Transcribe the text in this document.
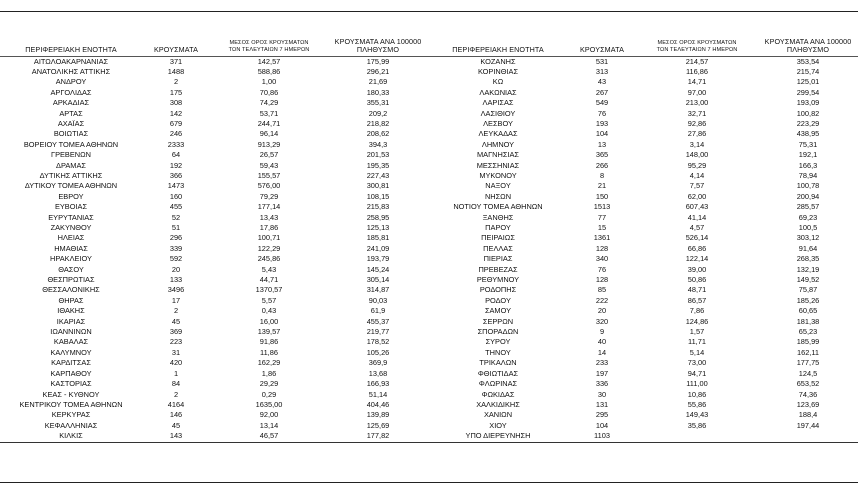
ΠΕΡΙΦΕΡΕΙΑΚΗ ΕΝΟΤΗΤΑ	ΚΡΟΥΣΜΑΤΑ	ΜΕΣΟΣ ΟΡΟΣ ΚΡΟΥΣΜΑΤΩΝ
ΤΩΝ ΤΕΛΕΥΤΑΙΩΝ 7 ΗΜΕΡΩΝ	ΚΡΟΥΣΜΑΤΑ ΑΝΑ 100000
ΠΛΗΘΥΣΜΟ	ΠΕΡΙΦΕΡΕΙΑΚΗ ΕΝΟΤΗΤΑ	ΚΡΟΥΣΜΑΤΑ	ΜΕΣΟΣ ΟΡΟΣ ΚΡΟΥΣΜΑΤΩΝ
ΤΩΝ ΤΕΛΕΥΤΑΙΩΝ 7 ΗΜΕΡΩΝ	ΚΡΟΥΣΜΑΤΑ ΑΝΑ 100000
ΠΛΗΘΥΣΜΟ
ΑΙΤΩΛΟΑΚΑΡΝΑΝΙΑΣ	371	142,57	175,99	ΚΟΖΑΝΗΣ	531	214,57	353,54
ΑΝΑΤΟΛΙΚΗΣ ΑΤΤΙΚΗΣ	1488	588,86	296,21	ΚΟΡΙΝΘΙΑΣ	313	116,86	215,74
ΑΝΔΡΟΥ	2	1,00	21,69	ΚΩ	43	14,71	125,01
ΑΡΓΟΛΙΔΑΣ	175	70,86	180,33	ΛΑΚΩΝΙΑΣ	267	97,00	299,54
ΑΡΚΑΔΙΑΣ	308	74,29	355,31	ΛΑΡΙΣΑΣ	549	213,00	193,09
ΑΡΤΑΣ	142	53,71	209,2	ΛΑΣΙΘΙΟΥ	76	32,71	100,82
ΑΧΑΪΑΣ	679	244,71	218,82	ΛΕΣΒΟΥ	193	92,86	223,29
ΒΟΙΩΤΙΑΣ	246	96,14	208,62	ΛΕΥΚΑΔΑΣ	104	27,86	438,95
ΒΟΡΕΙΟΥ ΤΟΜΕΑ ΑΘΗΝΩΝ	2333	913,29	394,3	ΛΗΜΝΟΥ	13	3,14	75,31
ΓΡΕΒΕΝΩΝ	64	26,57	201,53	ΜΑΓΝΗΣΙΑΣ	365	148,00	192,1
ΔΡΑΜΑΣ	192	59,43	195,35	ΜΕΣΣΗΝΙΑΣ	266	95,29	166,3
ΔΥΤΙΚΗΣ ΑΤΤΙΚΗΣ	366	155,57	227,43	ΜΥΚΟΝΟΥ	8	4,14	78,94
ΔΥΤΙΚΟΥ ΤΟΜΕΑ ΑΘΗΝΩΝ	1473	576,00	300,81	ΝΑΞΟΥ	21	7,57	100,78
ΕΒΡΟΥ	160	79,29	108,15	ΝΗΣΩΝ	150	62,00	200,94
ΕΥΒΟΙΑΣ	455	177,14	215,83	ΝΟΤΙΟΥ ΤΟΜΕΑ ΑΘΗΝΩΝ	1513	607,43	285,57
ΕΥΡΥΤΑΝΙΑΣ	52	13,43	258,95	ΞΑΝΘΗΣ	77	41,14	69,23
ΖΑΚΥΝΘΟΥ	51	17,86	125,13	ΠΑΡΟΥ	15	4,57	100,5
ΗΛΕΙΑΣ	296	100,71	185,81	ΠΕΙΡΑΙΩΣ	1361	526,14	303,12
ΗΜΑΘΙΑΣ	339	122,29	241,09	ΠΕΛΛΑΣ	128	66,86	91,64
ΗΡΑΚΛΕΙΟΥ	592	245,86	193,79	ΠΙΕΡΙΑΣ	340	122,14	268,35
ΘΑΣΟΥ	20	5,43	145,24	ΠΡΕΒΕΖΑΣ	76	39,00	132,19
ΘΕΣΠΡΩΤΙΑΣ	133	44,71	305,14	ΡΕΘΥΜΝΟΥ	128	50,86	149,52
ΘΕΣΣΑΛΟΝΙΚΗΣ	3496	1370,57	314,87	ΡΟΔΟΠΗΣ	85	48,71	75,87
ΘΗΡΑΣ	17	5,57	90,03	ΡΟΔΟΥ	222	86,57	185,26
ΙΘΑΚΗΣ	2	0,43	61,9	ΣΑΜΟΥ	20	7,86	60,65
ΙΚΑΡΙΑΣ	45	16,00	455,37	ΣΕΡΡΩΝ	320	124,86	181,38
ΙΩΑΝΝΙΝΩΝ	369	139,57	219,77	ΣΠΟΡΑΔΩΝ	9	1,57	65,23
ΚΑΒΑΛΑΣ	223	91,86	178,52	ΣΥΡΟΥ	40	11,71	185,99
ΚΑΛΥΜΝΟΥ	31	11,86	105,26	ΤΗΝΟΥ	14	5,14	162,11
ΚΑΡΔΙΤΣΑΣ	420	162,29	369,9	ΤΡΙΚΑΛΩΝ	233	73,00	177,75
ΚΑΡΠΑΘΟΥ	1	1,86	13,68	ΦΘΙΩΤΙΔΑΣ	197	94,71	124,5
ΚΑΣΤΟΡΙΑΣ	84	29,29	166,93	ΦΛΩΡΙΝΑΣ	336	111,00	653,52
ΚΕΑΣ - ΚΥΘΝΟΥ	2	0,29	51,14	ΦΩΚΙΔΑΣ	30	10,86	74,36
ΚΕΝΤΡΙΚΟΥ ΤΟΜΕΑ ΑΘΗΝΩΝ	4164	1635,00	404,46	ΧΑΛΚΙΔΙΚΗΣ	131	55,86	123,69
ΚΕΡΚΥΡΑΣ	146	92,00	139,89	ΧΑΝΙΩΝ	295	149,43	188,4
ΚΕΦΑΛΛΗΝΙΑΣ	45	13,14	125,69	ΧΙΟΥ	104	35,86	197,44
ΚΙΛΚΙΣ	143	46,57	177,82	ΥΠΟ ΔΙΕΡΕΥΝΗΣΗ	1103		
